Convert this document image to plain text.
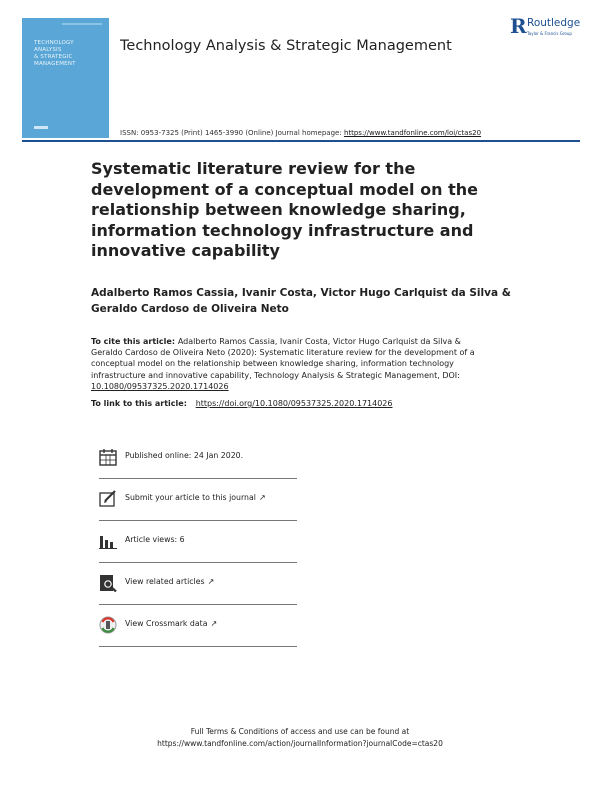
TECHNOLOGY
ANALYSIS
& STRATEGIC
MANAGEMENT
Technology Analysis & Strategic Management
R Routledge
Taylor & Francis Group
ISSN: 0953-7325 (Print) 1465-3990 (Online) Journal homepage: https://www.tandfonline.com/loi/ctas20
Systematic literature review for the development of a conceptual model on the relationship between knowledge sharing, information technology infrastructure and innovative capability
Adalberto Ramos Cassia, Ivanir Costa, Victor Hugo Carlquist da Silva &
Geraldo Cardoso de Oliveira Neto
To cite this article: Adalberto Ramos Cassia, Ivanir Costa, Victor Hugo Carlquist da Silva & Geraldo Cardoso de Oliveira Neto (2020): Systematic literature review for the development of a conceptual model on the relationship between knowledge sharing, information technology infrastructure and innovative capability, Technology Analysis & Strategic Management, DOI: 10.1080/09537325.2020.1714026
To link to this article: https://doi.org/10.1080/09537325.2020.1714026
Published online: 24 Jan 2020.
Submit your article to this journal ↗
Article views: 6
View related articles ↗
View Crossmark data ↗
Full Terms & Conditions of access and use can be found at
https://www.tandfonline.com/action/journalInformation?journalCode=ctas20
